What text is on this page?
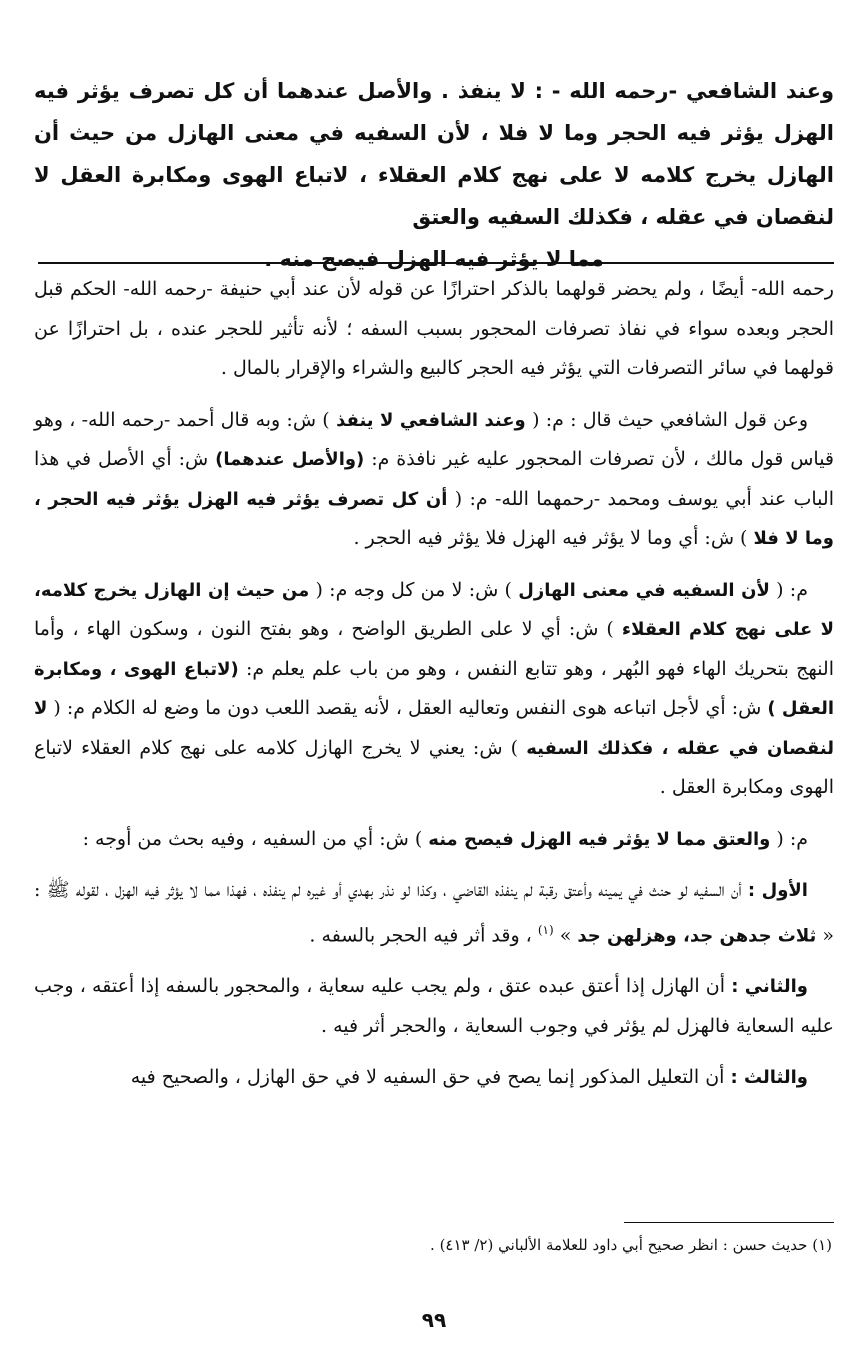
وعند الشافعي -رحمه الله - : لا ينفذ . والأصل عندهما أن كل تصرف يؤثر فيه الهزل يؤثر فيه الحجر وما لا فلا ، لأن السفيه في معنى الهازل من حيث أن الهازل يخرج كلامه لا على نهج كلام العقلاء ، لاتباع الهوى ومكابرة العقل لا لنقصان في عقله ، فكذلك السفيه والعتق
مما لا يؤثر فيه الهزل فيصح منه .

رحمه الله- أيضًا ، ولم يحضر قولهما بالذكر احترازًا عن قوله لأن عند أبي حنيفة -رحمه الله- الحكم قبل الحجر وبعده سواء في نفاذ تصرفات المحجور بسبب السفه ؛ لأنه تأثير للحجر عنده ، بل احترازًا عن قولهما في سائر التصرفات التي يؤثر فيه الحجر كالبيع والشراء والإقرار بالمال .

وعن قول الشافعي حيث قال : م: ( وعند الشافعي لا ينفذ ) ش: وبه قال أحمد -رحمه الله- ، وهو قياس قول مالك ، لأن تصرفات المحجور عليه غير نافذة م: (والأصل عندهما) ش: أي الأصل في هذا الباب عند أبي يوسف ومحمد -رحمهما الله- م: ( أن كل تصرف يؤثر فيه الهزل يؤثر فيه الحجر ، وما لا فلا ) ش: أي وما لا يؤثر فيه الهزل فلا يؤثر فيه الحجر .

م: ( لأن السفيه في معنى الهازل ) ش: لا من كل وجه م: ( من حيث إن الهازل يخرج كلامه، لا على نهج كلام العقلاء ) ش: أي لا على الطريق الواضح ، وهو بفتح النون ، وسكون الهاء ، وأما النهج بتحريك الهاء فهو البُهر ، وهو تتابع النفس ، وهو من باب علم يعلم م: (لاتباع الهوى ، ومكابرة العقل ) ش: أي لأجل اتباعه هوى النفس وتعاليه العقل ، لأنه يقصد اللعب دون ما وضع له الكلام م: ( لا لنقصان في عقله ، فكذلك السفيه ) ش: يعني لا يخرج الهازل كلامه على نهج كلام العقلاء لاتباع الهوى ومكابرة العقل .

م: ( والعتق مما لا يؤثر فيه الهزل فيصح منه ) ش: أي من السفيه ، وفيه بحث من أوجه :

الأول : أن السفيه لو حنث في يمينه وأعتق رقبة لم ينفذه القاضي ، وكذا لو نذر بهدي أو غيره لم ينفذه ، فهذا مما لا يؤثر فيه الهزل ، لقوله ﷺ : « ثلاث جدهن جد، وهزلهن جد » $^{(١)}$ ، وقد أثر فيه الحجر بالسفه .

والثاني : أن الهازل إذا أعتق عبده عتق ، ولم يجب عليه سعاية ، والمحجور بالسفه إذا أعتقه ، وجب عليه السعاية فالهزل لم يؤثر في وجوب السعاية ، والحجر أثر فيه .

والثالث : أن التعليل المذكور إنما يصح في حق السفيه لا في حق الهازل ، والصحيح فيه

(١) حديث حسن : انظر صحيح أبي داود للعلامة الألباني (٢/ ٤١٣) .
٩٩
